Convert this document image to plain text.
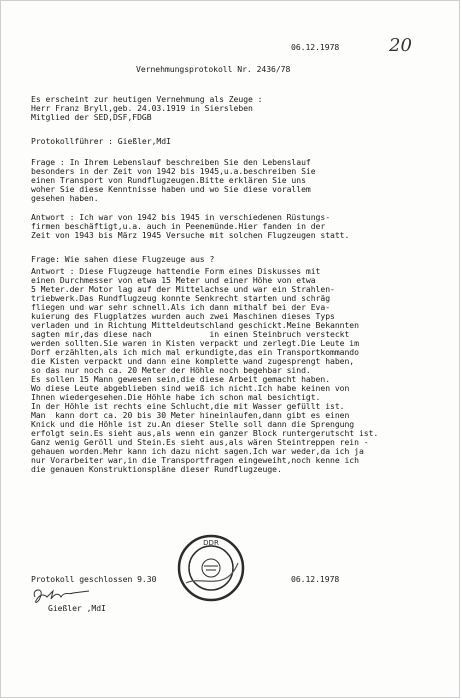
06.12.1978	20
Vernehmungsprotokoll Nr. 2436/78
Es erscheint zur heutigen Vernehmung als Zeuge :
Herr Franz Bryll,geb. 24.03.1919 in Siersleben
Mitglied der SED,DSF,FDGB
Protokollführer : Gießler,MdI
Frage : In Ihrem Lebenslauf beschreiben Sie den Lebenslauf
besonders in der Zeit von 1942 bis 1945,u.a.beschreiben Sie
einen Transport von Rundflugzeugen.Bitte erklären Sie uns
woher Sie diese Kenntnisse haben und wo Sie diese vorallem
gesehen haben.
Antwort : Ich war von 1942 bis 1945 in verschiedenen Rüstungs-
firmen beschäftigt,u.a. auch in Peenemünde.Hier fanden in der
Zeit von 1943 bis März 1945 Versuche mit solchen Flugzeugen statt.
Frage: Wie sahen diese Flugzeuge aus ?
Antwort : Diese Flugzeuge hattendie Form eines Diskusses mit
einen Durchmesser von etwa 15 Meter und einer Höhe von etwa
5 Meter.der Motor lag auf der Mittelachse und war ein Strahlen-
triebwerk.Das Rundflugzeug konnte Senkrecht starten und schräg
fliegen und war sehr schnell.Als ich dann mithalf bei der Eva-
kuierung des Flugplatzes wurden auch zwei Maschinen dieses Typs
verladen und in Richtung Mitteldeutschland geschickt.Meine Bekannten
sagten mir,das diese nach            in einen Steinbruch versteckt
werden sollten.Sie waren in Kisten verpackt und zerlegt.Die Leute im
Dorf erzählten,als ich mich mal erkundigte,das ein Transportkommando
die Kisten verpackt und dann eine komplette wand zugesprengt haben,
so das nur noch ca. 20 Meter der Höhle noch begehbar sind.
Es sollen 15 Mann gewesen sein,die diese Arbeit gemacht haben.
Wo diese Leute abgeblieben sind weiß ich nicht.Ich habe keinen von
Ihnen wiedergesehen.Die Höhle habe ich schon mal besichtigt.
In der Höhle ist rechts eine Schlucht,die mit Wasser gefüllt ist.
Man  kann dort ca. 20 bis 30 Meter hineinlaufen,dann gibt es einen
Knick und die Höhle ist zu.An dieser Stelle soll dann die Sprengung
erfolgt sein.Es sieht aus,als wenn ein ganzer Block runtergerutscht ist.
Ganz wenig Geröll und Stein.Es sieht aus,als wären Steintreppen rein -
gehauen worden.Mehr kann ich dazu nicht sagen.Ich war weder,da ich ja
nur Vorarbeiter war,in die Transportfragen eingeweiht,noch kenne ich
die genauen Konstruktionspläne dieser Rundflugzeuge.
Protokoll geschlossen 9.30	06.12.1978
Gießler ,MdI
DDR
